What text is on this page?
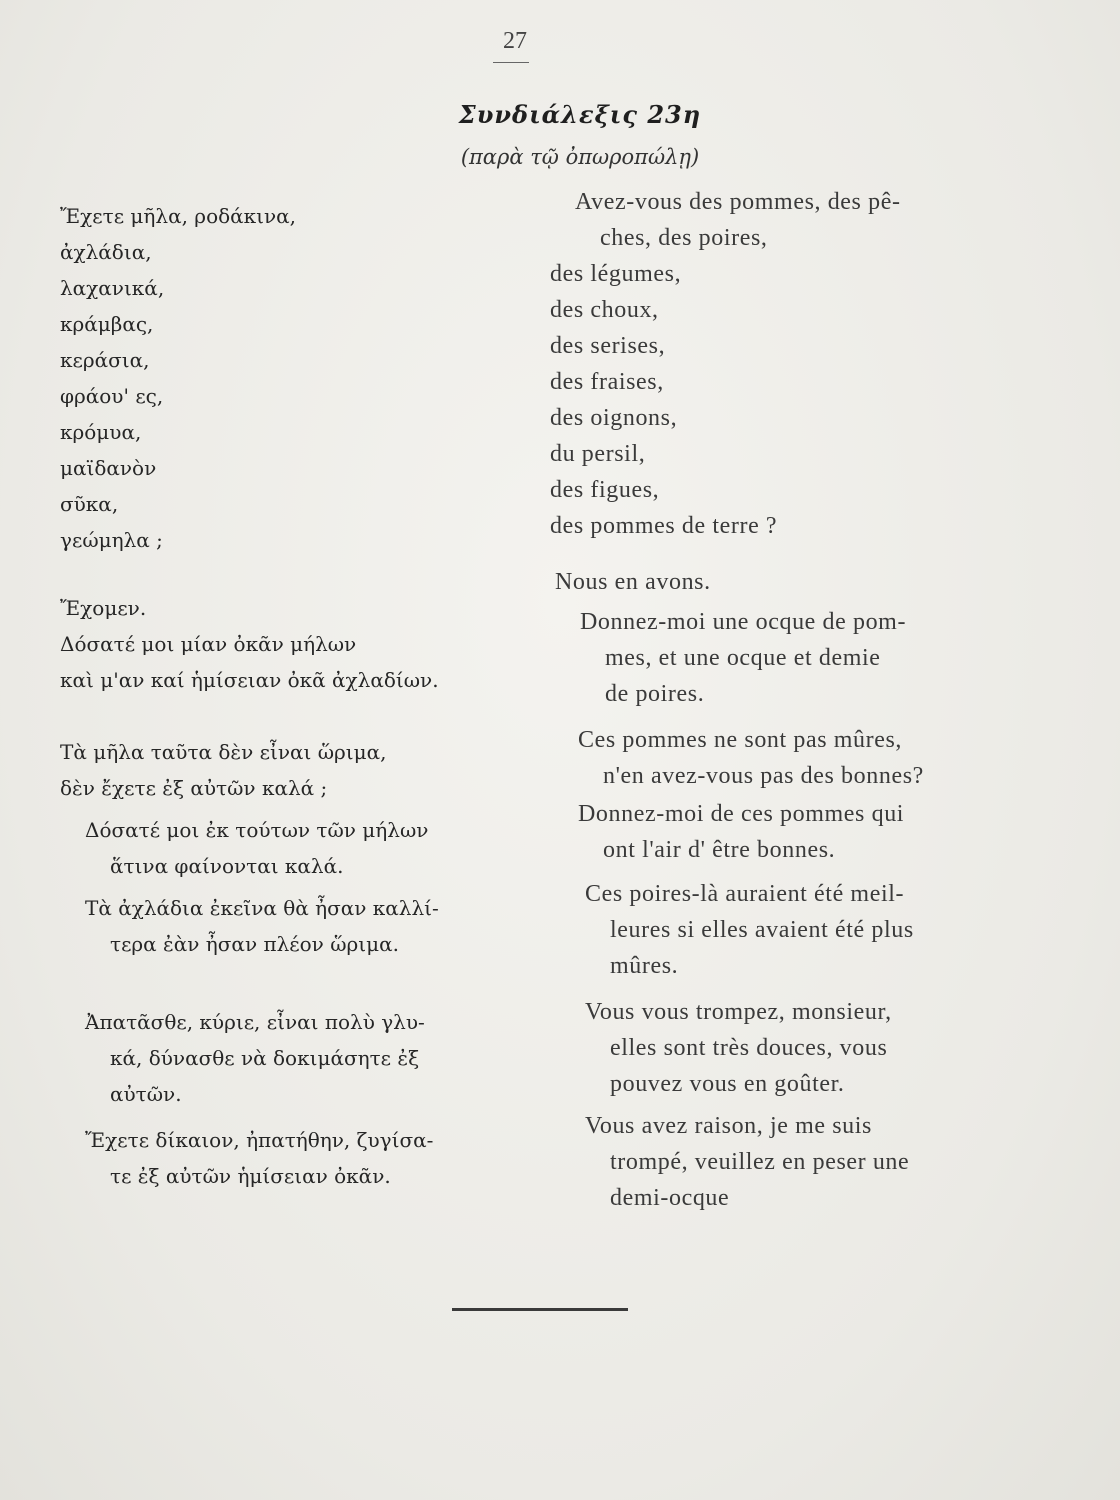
27
Συνδιάλεξις 23η
(παρὰ τῷ ὀπωροπώλῃ)
Ἔχετε μῆλα, ροδάκινα,
ἀχλάδια,
λαχανικά,
κράμβας,
κεράσια,
φράου' ες,
κρόμυα,
μαϊδανὸν
σῦκα,
γεώμηλα ;
Ἔχομεν.
Δόσατέ μοι μίαν ὀκᾶν μήλων
καὶ μ'αν καί ἡμίσειαν ὀκᾶ ἀχλαδίων.
Τὰ μῆλα ταῦτα δὲν εἶναι ὥριμα,
δὲν ἔχετε ἐξ αὐτῶν καλά ;
Δόσατέ μοι ἐκ τούτων τῶν μήλων
ἅτινα φαίνονται καλά.
Τὰ ἀχλάδια ἐκεῖνα θὰ ἦσαν καλλί-
τερα ἐὰν ἦσαν πλέον ὥριμα.
Ἀπατᾶσθε, κύριε, εἶναι πολὺ γλυ-
κά, δύνασθε νὰ δοκιμάσητε ἐξ
αὐτῶν.
Ἔχετε δίκαιον, ἠπατήθην, ζυγίσα-
τε ἐξ αὐτῶν ἡμίσειαν ὀκᾶν.
Avez-vous des pommes, des pê-
ches, des poires,
des légumes,
des choux,
des serises,
des fraises,
des oignons,
du persil,
des figues,
des pommes de terre ?
Nous en avons.
Donnez-moi une ocque de pom-
mes, et une ocque et demie
de poires.
Ces pommes ne sont pas mûres,
n'en avez-vous pas des bonnes?
Donnez-moi de ces pommes qui
ont l'air d' être bonnes.
Ces poires-là auraient été meil-
leures si elles avaient été plus
mûres.
Vous vous trompez, monsieur,
elles sont très douces, vous
pouvez vous en goûter.
Vous avez raison, je me suis
trompé, veuillez en peser une
demi-ocque
